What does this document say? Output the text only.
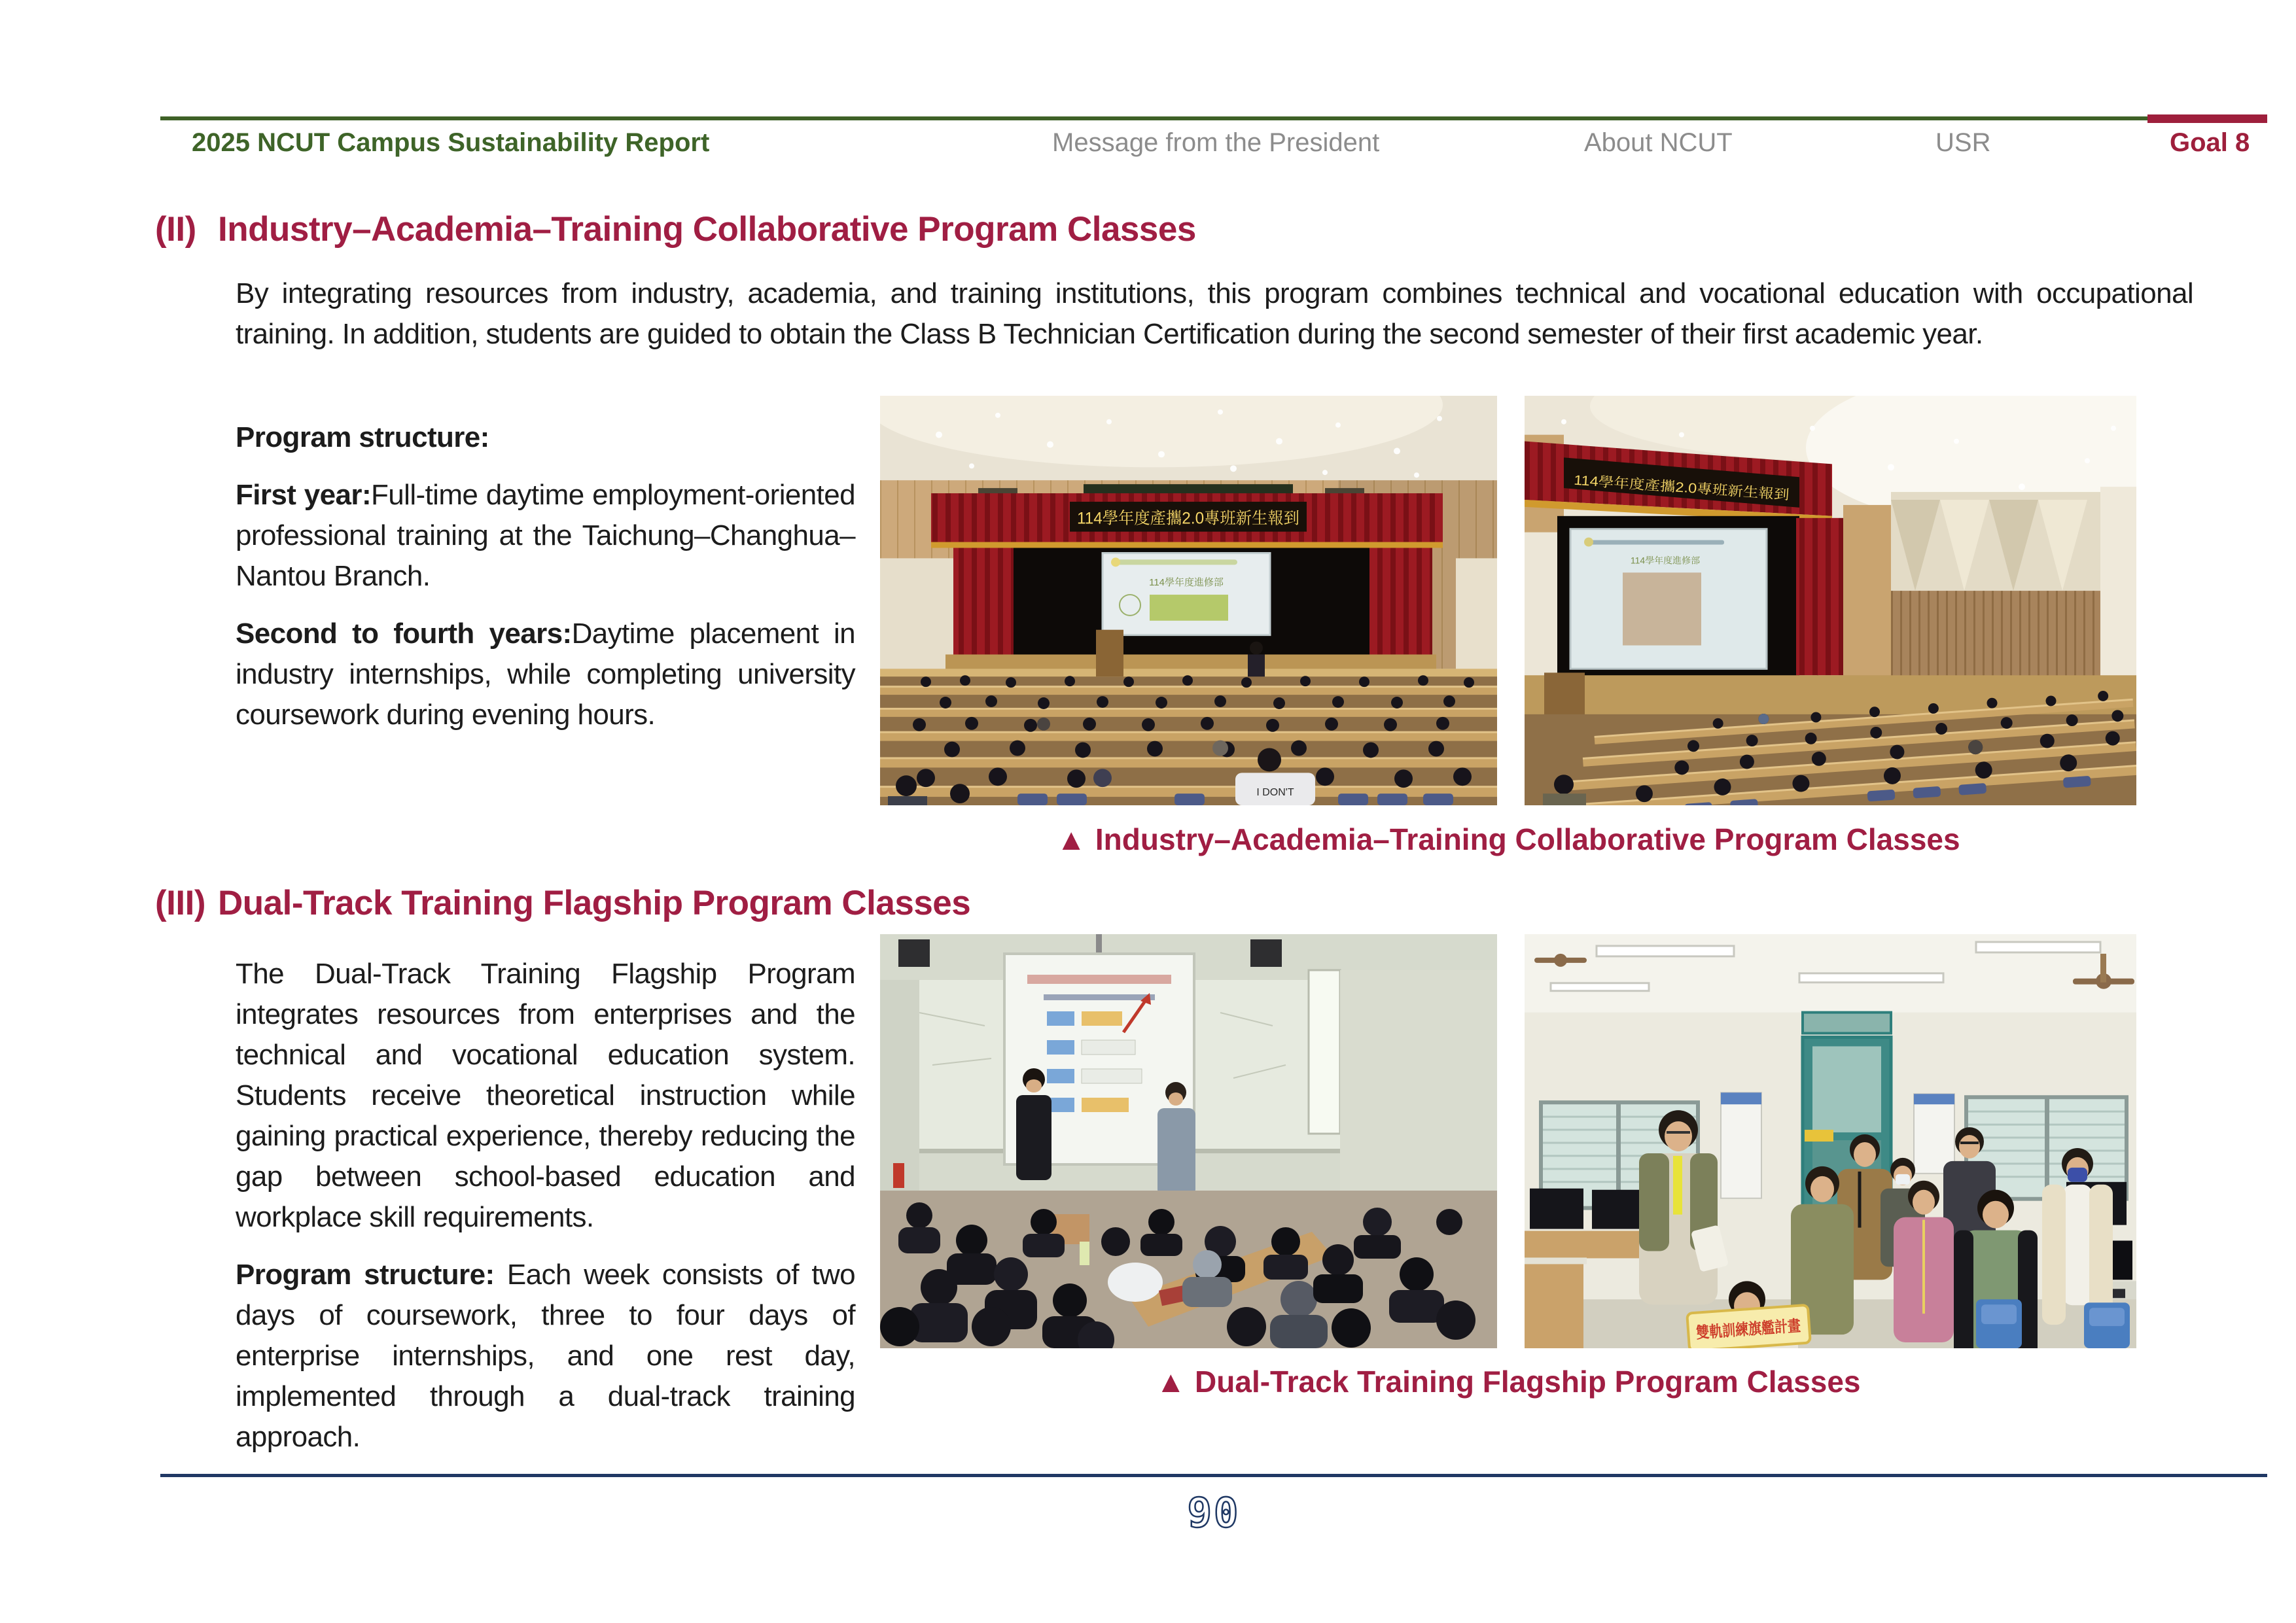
2025 NCUT Campus Sustainability Report	Message from the President	About NCUT	USR	Goal 8
(II) Industry–Academia–Training Collaborative Program Classes
By integrating resources from industry, academia, and training institutions, this program combines technical and vocational education with occupational training. In addition, students are guided to obtain the Class B Technician Certification during the second semester of their first academic year.
Program structure:
First year:Full-time daytime employment-oriented professional training at the Taichung–Changhua–Nantou Branch.
Second to fourth years:Daytime placement in industry internships, while completing university coursework during evening hours.
114學年度產攜2.0專班新生報到
114學年度進修部
I DON'T
114學年度產攜2.0專班新生報到
114學年度進修部
▲ Industry–Academia–Training Collaborative Program Classes
(III) Dual-Track Training Flagship Program Classes
The Dual-Track Training Flagship Program integrates resources from enterprises and the technical and vocational education system. Students receive theoretical instruction while gaining practical experience, thereby reducing the gap between school-based education and workplace skill requirements.
Program structure: Each week consists of two days of coursework, three to four days of enterprise internships, and one rest day, implemented through a dual-track training approach.
雙軌訓練旗艦計畫
▲ Dual-Track Training Flagship Program Classes
90
